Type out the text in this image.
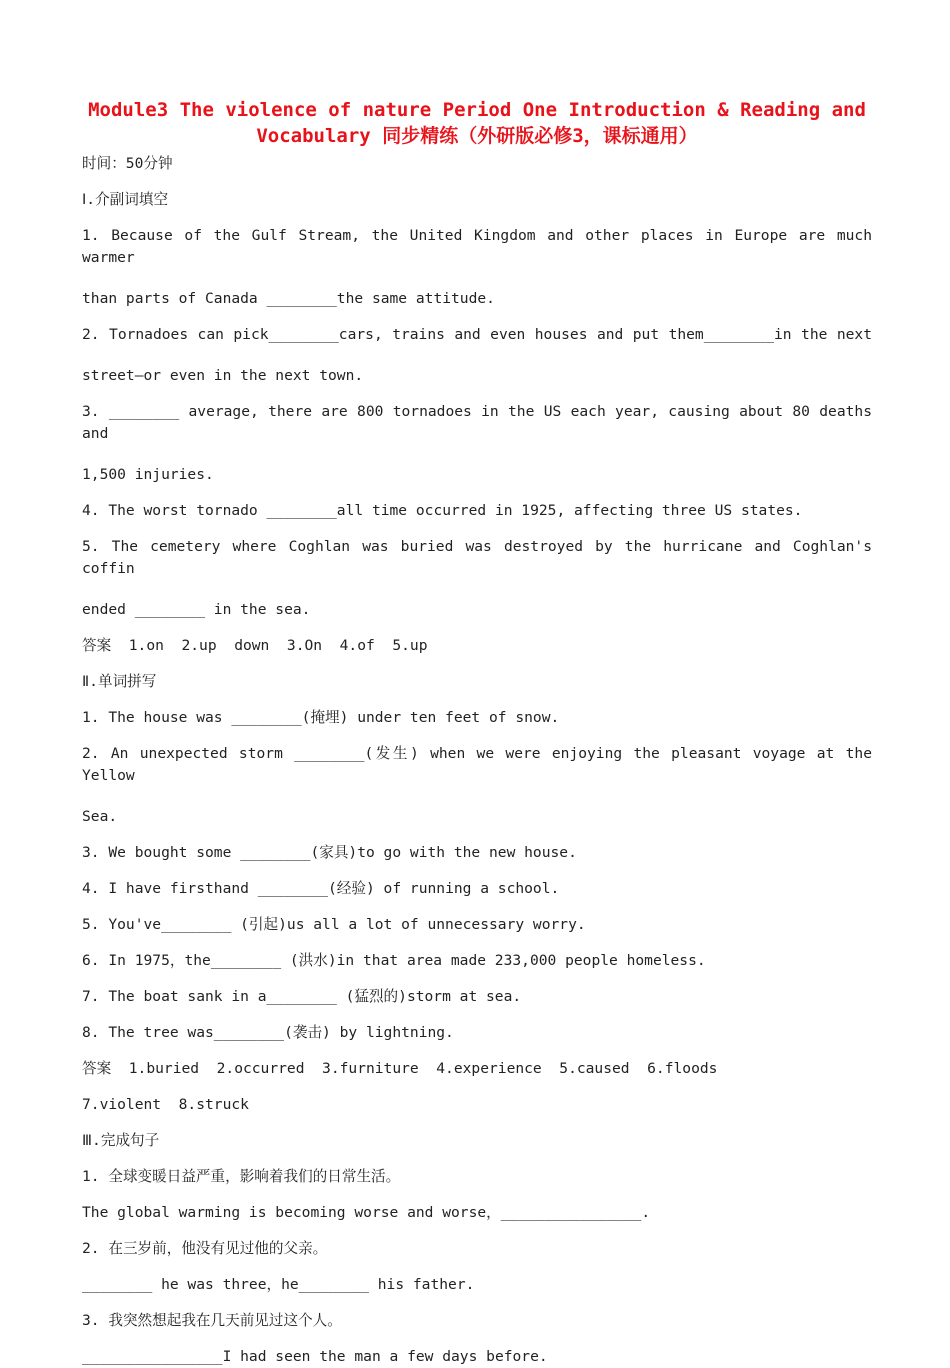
Module3 The violence of nature Period One Introduction & Reading and
Vocabulary 同步精练（外研版必修3，课标通用）
时间：50分钟
Ⅰ.介副词填空
1. Because of the Gulf Stream, the United Kingdom and other places in Europe are much warmer
than parts of Canada ________the same attitude.
2. Tornadoes can pick________cars, trains and even houses and put them________in the next
street—or even in the next town.
3. ________ average, there are 800 tornadoes in the US each year, causing about 80 deaths and
1,500 injuries.
4. The worst tornado ________all time occurred in 1925, affecting three US states.
5. The cemetery where Coghlan was buried was destroyed by the hurricane and Coghlan's coffin
ended ________ in the sea.
答案  1.on  2.up  down  3.On  4.of  5.up
Ⅱ.单词拼写
1. The house was ________(掩埋) under ten feet of snow.
2. An unexpected storm ________(发生) when we were enjoying the pleasant voyage at the Yellow
Sea.
3. We bought some ________(家具)to go with the new house.
4. I have firsthand ________(经验) of running a school.
5. You've________ (引起)us all a lot of unnecessary worry.
6. In 1975，the________ (洪水)in that area made 233,000 people homeless.
7. The boat sank in a________ (猛烈的)storm at sea.
8. The tree was________(袭击) by lightning.
答案  1.buried  2.occurred  3.furniture  4.experience  5.caused  6.floods
7.violent  8.struck
Ⅲ.完成句子
1. 全球变暖日益严重，影响着我们的日常生活。
The global warming is becoming worse and worse，________________.
2. 在三岁前，他没有见过他的父亲。
________ he was three，he________ his father.
3. 我突然想起我在几天前见过这个人。
________________I had seen the man a few days before.
